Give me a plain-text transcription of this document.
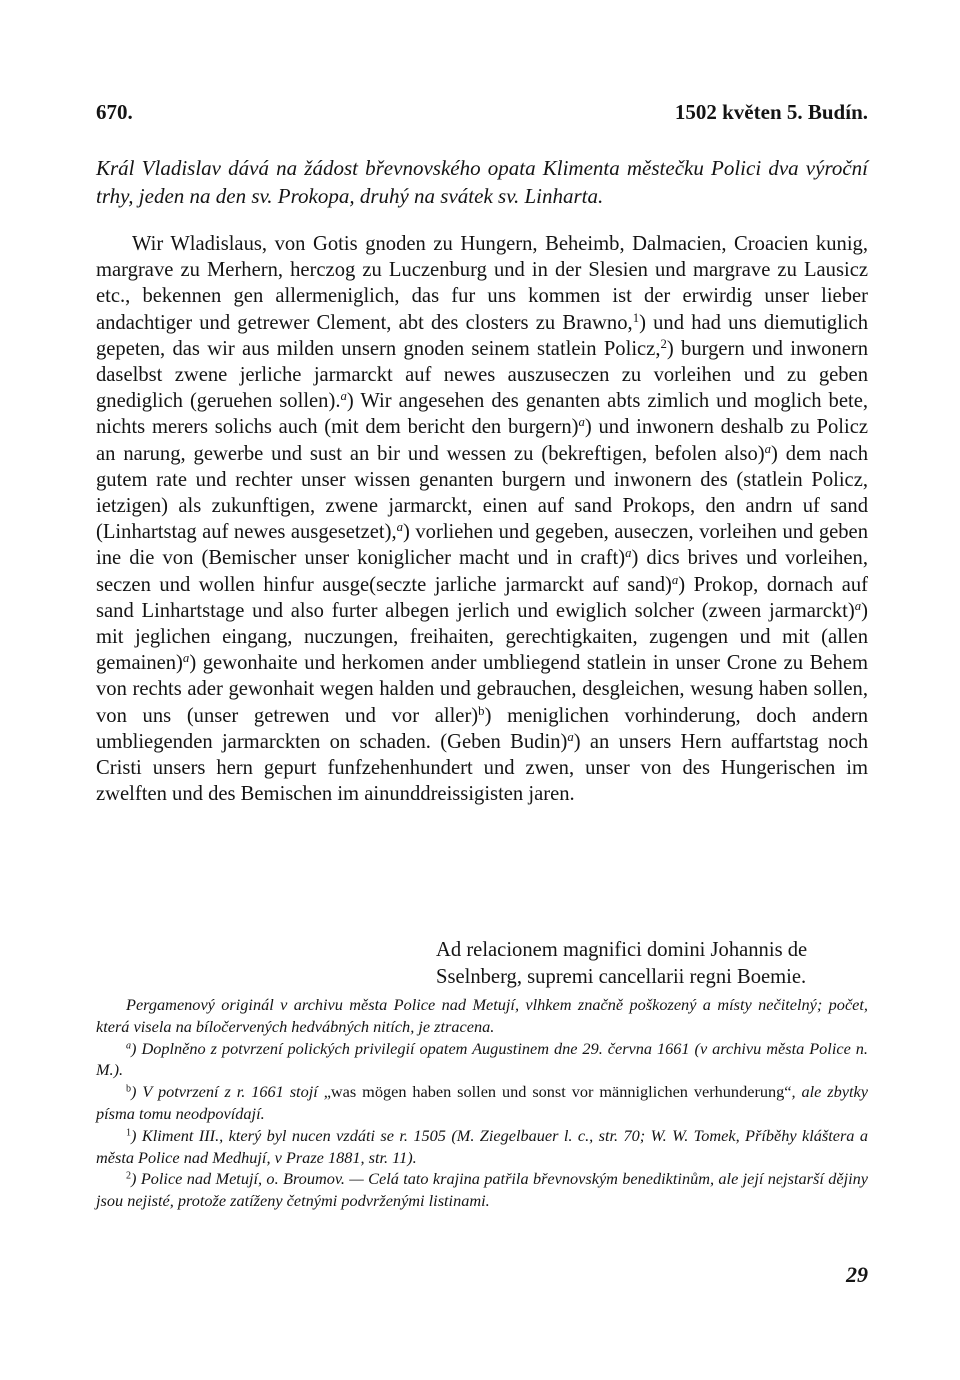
670.	1502 květen 5. Budín.
Král Vladislav dává na žádost břevnovského opata Klimenta městečku Polici dva výroční trhy, jeden na den sv. Prokopa, druhý na svátek sv. Linharta.

Wir Wladislaus, von Gotis gnoden zu Hungern, Beheimb, Dalmacien, Croacien kunig, margrave zu Merhern, herczog zu Luczenburg und in der Slesien und margrave zu Lausicz etc., bekennen gen allermeniglich, das fur uns kommen ist der erwirdig unser lieber andachtiger und getrewer Clement, abt des closters zu Brawno,$^1$) und had uns diemutiglich gepeten, das wir aus milden unsern gnoden seinem statlein Policz,$^2$) burgern und inwonern daselbst zwene jerliche jarmarckt auf newes auszuseczen zu vorleihen und zu geben gnediglich (geruehen sollen).$^a$) Wir angesehen des genanten abts zimlich und moglich bete, nichts merers solichs auch (mit dem bericht den burgern)$^a$) und inwonern deshalb zu Policz an narung, gewerbe und sust an bir und wessen zu (bekreftigen, befolen also)$^a$) dem nach gutem rate und rechter unser wissen genanten burgern und inwonern des (statlein Policz, ietzigen) als zukunftigen, zwene jarmarckt, einen auf sand Prokops, den andrn uf sand (Linhartstag auf newes ausgesetzet),$^a$) vorliehen und gegeben, auseczen, vorleihen und geben ine die von (Bemischer unser koniglicher macht und in craft)$^a$) dics brives und vorleihen, seczen und wollen hinfur ausge(seczte jarliche jarmarckt auf sand)$^a$) Prokop, dornach auf sand Linhartstage und also furter albegen jerlich und ewiglich solcher (zween jarmarckt)$^a$) mit jeglichen eingang, nuczungen, freihaiten, gerechtigkaiten, zugengen und mit (allen gemainen)$^a$) gewonhaite und herkomen ander umbliegend statlein in unser Crone zu Behem von rechts ader gewonhait wegen halden und gebrauchen, desgleichen, wesung haben sollen, von uns (unser getrewen und vor aller)$^b$) meniglichen vorhinderung, doch andern umbliegenden jarmarckten on schaden. (Geben Budin)$^a$) an unsers Hern auffartstag noch Cristi unsers hern gepurt funfzehenhundert und zwen, unser von des Hungerischen im zwelften und des Bemischen im ainunddreissigisten jaren.

Ad relacionem magnifici domini Johannis de
Sselnberg, supremi cancellarii regni Boemie.

Pergamenový originál v archivu města Police nad Metují, vlhkem značně poškozený a místy nečitelný; počet, která visela na bíločervených hedvábných nitích, je ztracena.

$^a$) Doplněno z potvrzení polických privilegií opatem Augustinem dne 29. června 1661 (v archivu města Police n. M.).

$^b$) V potvrzení z r. 1661 stojí „was mögen haben sollen und sonst vor männiglichen verhunderung“, ale zbytky písma tomu neodpovídají.

$^1$) Kliment III., který byl nucen vzdáti se r. 1505 (M. Ziegelbauer l. c., str. 70; W. W. Tomek, Příběhy kláštera a města Police nad Medhují, v Praze 1881, str. 11).

$^2$) Police nad Metují, o. Broumov. — Celá tato krajina patřila břevnovským benediktinům, ale její nejstarší dějiny jsou nejisté, protože zatíženy četnými podvrženými listinami.

29
